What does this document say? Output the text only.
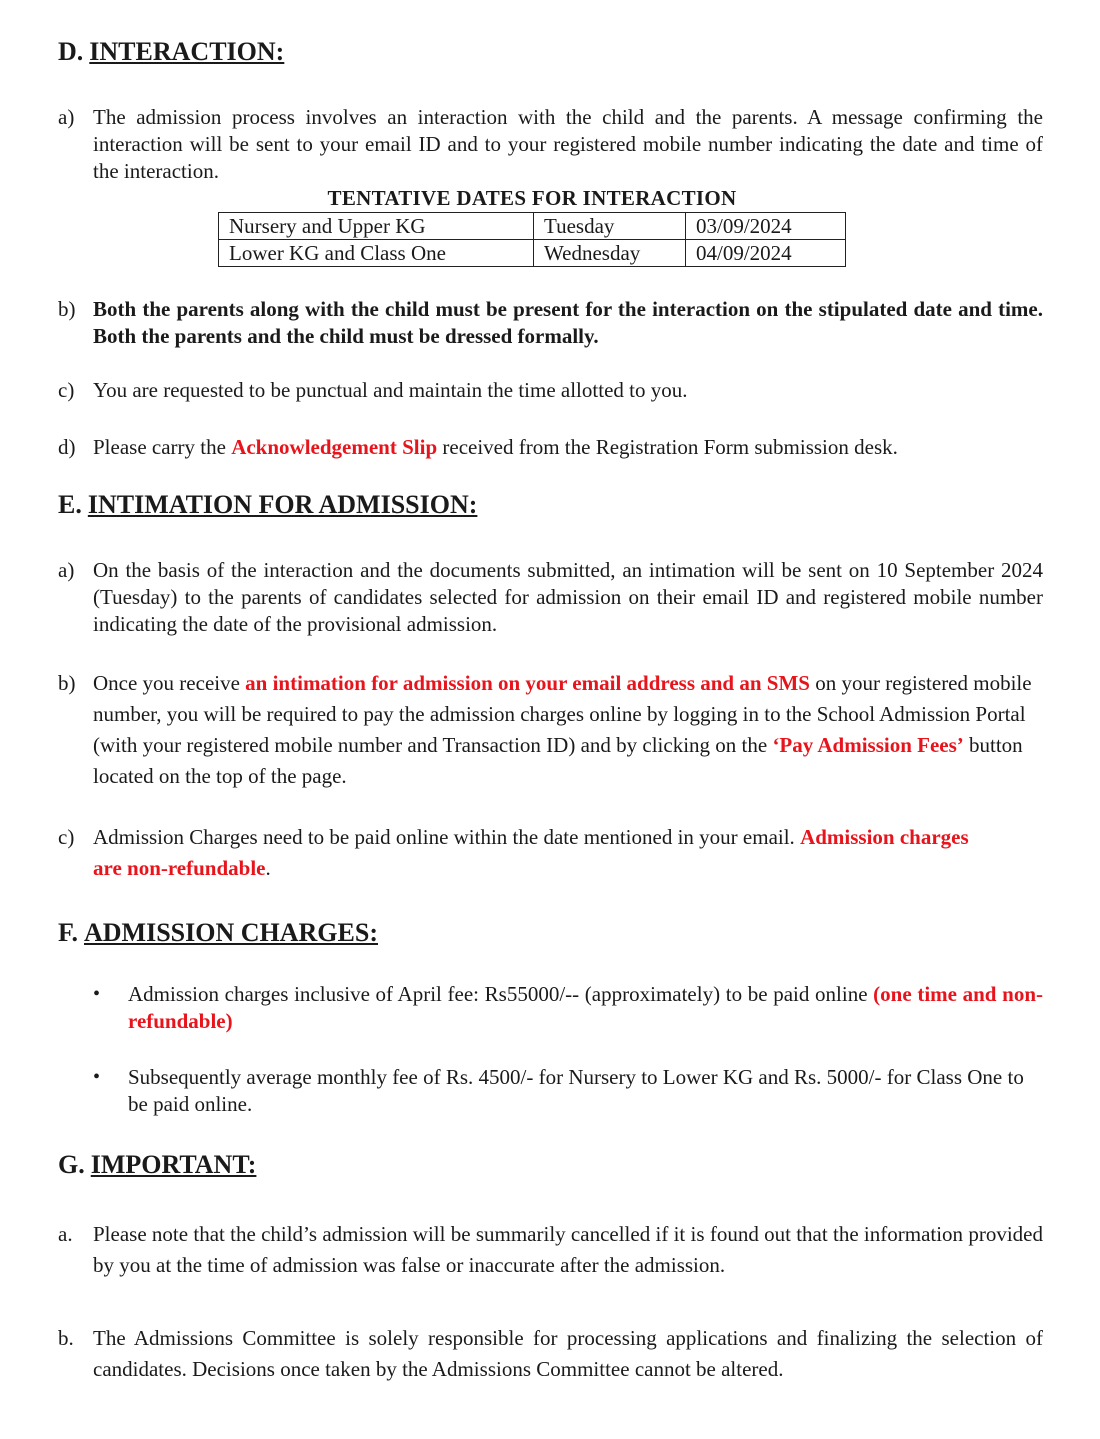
D. INTERACTION:
a) The admission process involves an interaction with the child and the parents. A message confirming the interaction will be sent to your email ID and to your registered mobile number indicating the date and time of the interaction.
TENTATIVE DATES FOR INTERACTION
Nursery and Upper KG	Tuesday	03/09/2024
Lower KG and Class One	Wednesday	04/09/2024
b) Both the parents along with the child must be present for the interaction on the stipulated date and time. Both the parents and the child must be dressed formally.
c) You are requested to be punctual and maintain the time allotted to you.
d) Please carry the Acknowledgement Slip received from the Registration Form submission desk.
E. INTIMATION FOR ADMISSION:
a) On the basis of the interaction and the documents submitted, an intimation will be sent on 10 September 2024 (Tuesday) to the parents of candidates selected for admission on their email ID and registered mobile number indicating the date of the provisional admission.
b) Once you receive an intimation for admission on your email address and an SMS on your registered mobile number, you will be required to pay the admission charges online by logging in to the School Admission Portal (with your registered mobile number and Transaction ID) and by clicking on the ‘Pay Admission Fees’ button located on the top of the page.
c) Admission Charges need to be paid online within the date mentioned in your email. Admission charges are non-refundable.
F. ADMISSION CHARGES:
• Admission charges inclusive of April fee: Rs55000/-- (approximately) to be paid online (one time and non-refundable)
• Subsequently average monthly fee of Rs. 4500/- for Nursery to Lower KG and Rs. 5000/- for Class One to be paid online.
G. IMPORTANT:
a. Please note that the child’s admission will be summarily cancelled if it is found out that the information provided by you at the time of admission was false or inaccurate after the admission.
b. The Admissions Committee is solely responsible for processing applications and finalizing the selection of candidates. Decisions once taken by the Admissions Committee cannot be altered.
